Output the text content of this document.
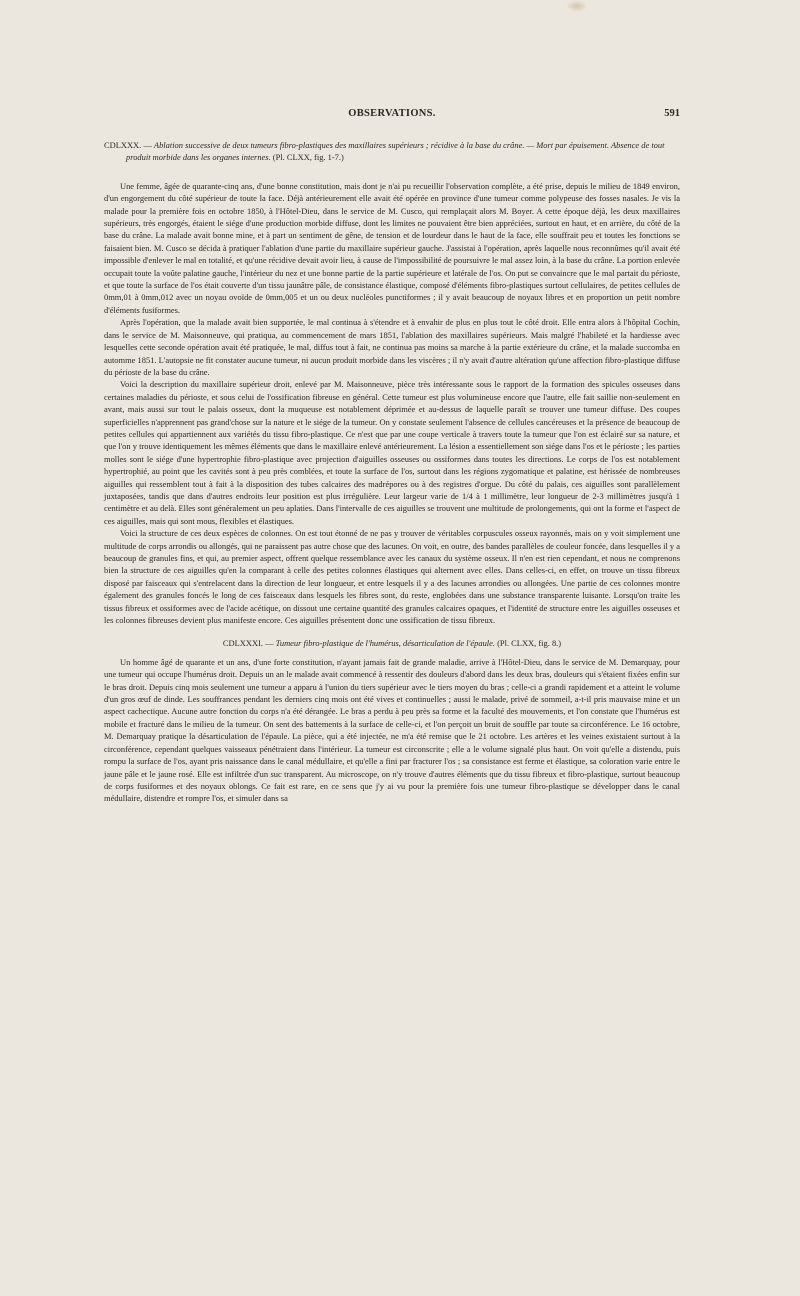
OBSERVATIONS.	591

CDLXXX. — Ablation successive de deux tumeurs fibro-plastiques des maxillaires supérieurs ; récidive à la base du crâne. — Mort par épuisement. Absence de tout produit morbide dans les organes internes. (Pl. CLXX, fig. 1-7.)

Une femme, âgée de quarante-cinq ans, d'une bonne constitution, mais dont je n'ai pu recueillir l'observation complète, a été prise, depuis le milieu de 1849 environ, d'un engorgement du côté supérieur de toute la face. Déjà antérieurement elle avait été opérée en province d'une tumeur comme polypeuse des fosses nasales. Je vis la malade pour la première fois en octobre 1850, à l'Hôtel-Dieu, dans le service de M. Cusco, qui remplaçait alors M. Boyer. A cette époque déjà, les deux maxillaires supérieurs, très engorgés, étaient le siége d'une production morbide diffuse, dont les limites ne pouvaient être bien appréciées, surtout en haut, et en arrière, du côté de la base du crâne. La malade avait bonne mine, et à part un sentiment de gêne, de tension et de lourdeur dans le haut de la face, elle souffrait peu et toutes les fonctions se faisaient bien. M. Cusco se décida à pratiquer l'ablation d'une partie du maxillaire supérieur gauche. J'assistai à l'opération, après laquelle nous reconnûmes qu'il avait été impossible d'enlever le mal en totalité, et qu'une récidive devait avoir lieu, à cause de l'impossibilité de poursuivre le mal assez loin, à la base du crâne. La portion enlevée occupait toute la voûte palatine gauche, l'intérieur du nez et une bonne partie de la partie supérieure et latérale de l'os. On put se convaincre que le mal partait du périoste, et que toute la surface de l'os était couverte d'un tissu jaunâtre pâle, de consistance élastique, composé d'éléments fibro-plastiques surtout cellulaires, de petites cellules de 0mm,01 à 0mm,012 avec un noyau ovoïde de 0mm,005 et un ou deux nucléoles punctiformes ; il y avait beaucoup de noyaux libres et en proportion un petit nombre d'éléments fusiformes.

Après l'opération, que la malade avait bien supportée, le mal continua à s'étendre et à envahir de plus en plus tout le côté droit. Elle entra alors à l'hôpital Cochin, dans le service de M. Maisonneuve, qui pratiqua, au commencement de mars 1851, l'ablation des maxillaires supérieurs. Mais malgré l'habileté et la hardiesse avec lesquelles cette seconde opération avait été pratiquée, le mal, diffus tout à fait, ne continua pas moins sa marche à la partie extérieure du crâne, et la malade succomba en automme 1851. L'autopsie ne fit constater aucune tumeur, ni aucun produit morbide dans les viscères ; il n'y avait d'autre altération qu'une affection fibro-plastique diffuse du périoste de la base du crâne.

Voici la description du maxillaire supérieur droit, enlevé par M. Maisonneuve, pièce très intéressante sous le rapport de la formation des spicules osseuses dans certaines maladies du périoste, et sous celui de l'ossification fibreuse en général. Cette tumeur est plus volumineuse encore que l'autre, elle fait saillie non-seulement en avant, mais aussi sur tout le palais osseux, dont la muqueuse est notablement déprimée et au-dessus de laquelle paraît se trouver une tumeur diffuse. Des coupes superficielles n'apprennent pas grand'chose sur la nature et le siége de la tumeur. On y constate seulement l'absence de cellules cancéreuses et la présence de beaucoup de petites cellules qui appartiennent aux variétés du tissu fibro-plastique. Ce n'est que par une coupe verticale à travers toute la tumeur que l'on est éclairé sur sa nature, et que l'on y trouve identiquement les mêmes éléments que dans le maxillaire enlevé antérieurement. La lésion a essentiellement son siége dans l'os et le périoste ; les parties molles sont le siége d'une hypertrophie fibro-plastique avec projection d'aiguilles osseuses ou ossiformes dans toutes les directions. Le corps de l'os est notablement hypertrophié, au point que les cavités sont à peu près comblées, et toute la surface de l'os, surtout dans les régions zygomatique et palatine, est hérissée de nombreuses aiguilles qui ressemblent tout à fait à la disposition des tubes calcaires des madrépores ou à des registres d'orgue. Du côté du palais, ces aiguilles sont parallèlement juxtaposées, tandis que dans d'autres endroits leur position est plus irrégulière. Leur largeur varie de 1/4 à 1 millimètre, leur longueur de 2-3 millimètres jusqu'à 1 centimètre et au delà. Elles sont généralement un peu aplaties. Dans l'intervalle de ces aiguilles se trouvent une multitude de prolongements, qui ont la forme et l'aspect de ces aiguilles, mais qui sont mous, flexibles et élastiques.

Voici la structure de ces deux espèces de colonnes. On est tout étonné de ne pas y trouver de véritables corpuscules osseux rayonnés, mais on y voit simplement une multitude de corps arrondis ou allongés, qui ne paraissent pas autre chose que des lacunes. On voit, en outre, des bandes parallèles de couleur foncée, dans lesquelles il y a beaucoup de granules fins, et qui, au premier aspect, offrent quelque ressemblance avec les canaux du système osseux. Il n'en est rien cependant, et nous ne comprenons bien la structure de ces aiguilles qu'en la comparant à celle des petites colonnes élastiques qui alternent avec elles. Dans celles-ci, en effet, on trouve un tissu fibreux disposé par faisceaux qui s'entrelacent dans la direction de leur longueur, et entre lesquels il y a des lacunes arrondies ou allongées. Une partie de ces colonnes montre également des granules foncés le long de ces faisceaux dans lesquels les fibres sont, du reste, englobées dans une substance transparente luisante. Lorsqu'on traite les tissus fibreux et ossiformes avec de l'acide acétique, on dissout une certaine quantité des granules calcaires opaques, et l'identité de structure entre les aiguilles osseuses et les colonnes fibreuses devient plus manifeste encore. Ces aiguilles présentent donc une ossification de tissu fibreux.

CDLXXXI. — Tumeur fibro-plastique de l'humérus, désarticulation de l'épaule. (Pl. CLXX, fig. 8.)

Un homme âgé de quarante et un ans, d'une forte constitution, n'ayant jamais fait de grande maladie, arrive à l'Hôtel-Dieu, dans le service de M. Demarquay, pour une tumeur qui occupe l'humérus droit. Depuis un an le malade avait commencé à ressentir des douleurs d'abord dans les deux bras, douleurs qui s'étaient fixées enfin sur le bras droit. Depuis cinq mois seulement une tumeur a apparu à l'union du tiers supérieur avec le tiers moyen du bras ; celle-ci a grandi rapidement et a atteint le volume d'un gros œuf de dinde. Les souffrances pendant les derniers cinq mois ont été vives et continuelles ; aussi le malade, privé de sommeil, a-t-il pris mauvaise mine et un aspect cachectique. Aucune autre fonction du corps n'a été dérangée. Le bras a perdu à peu près sa forme et la faculté des mouvements, et l'on constate que l'humérus est mobile et fracturé dans le milieu de la tumeur. On sent des battements à la surface de celle-ci, et l'on perçoit un bruit de souffle par toute sa circonférence. Le 16 octobre, M. Demarquay pratique la désarticulation de l'épaule. La pièce, qui a été injectée, ne m'a été remise que le 21 octobre. Les artères et les veines existaient surtout à la circonférence, cependant quelques vaisseaux pénétraient dans l'intérieur. La tumeur est circonscrite ; elle a le volume signalé plus haut. On voit qu'elle a distendu, puis rompu la surface de l'os, ayant pris naissance dans le canal médullaire, et qu'elle a fini par fracturer l'os ; sa consistance est ferme et élastique, sa coloration varie entre le jaune pâle et le jaune rosé. Elle est infiltrée d'un suc transparent. Au microscope, on n'y trouve d'autres éléments que du tissu fibreux et fibro-plastique, surtout beaucoup de corps fusiformes et des noyaux oblongs. Ce fait est rare, en ce sens que j'y ai vu pour la première fois une tumeur fibro-plastique se développer dans le canal médullaire, distendre et rompre l'os, et simuler dans sa
